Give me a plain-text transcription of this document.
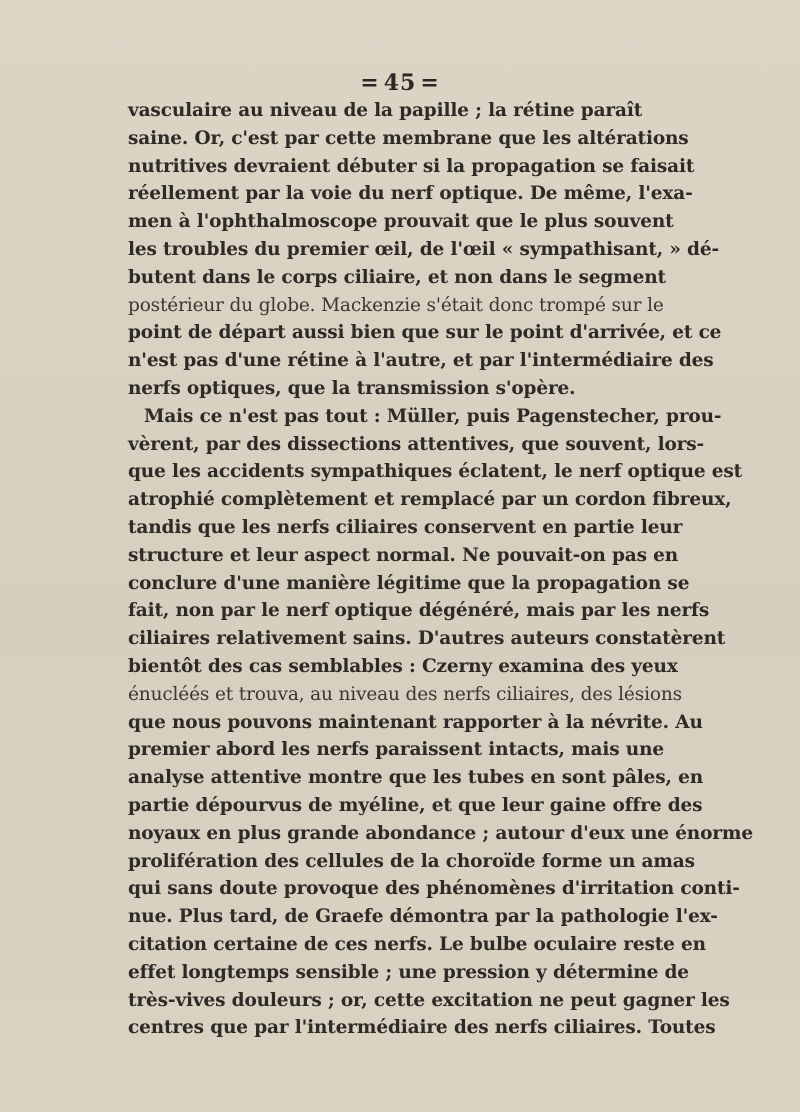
= 45 =
vasculaire au niveau de la papille ; la rétine paraît
saine. Or, c'est par cette membrane que les altérations
nutritives devraient débuter si la propagation se faisait
réellement par la voie du nerf optique. De même, l'exa-
men à l'ophthalmoscope prouvait que le plus souvent
les troubles du premier œil, de l'œil « sympathisant, » dé-
butent dans le corps ciliaire, et non dans le segment
postérieur du globe. Mackenzie s'était donc trompé sur le
point de départ aussi bien que sur le point d'arrivée, et ce
n'est pas d'une rétine à l'autre, et par l'intermédiaire des
nerfs optiques, que la transmission s'opère.
Mais ce n'est pas tout : Müller, puis Pagenstecher, prou-
vèrent, par des dissections attentives, que souvent, lors-
que les accidents sympathiques éclatent, le nerf optique est
atrophié complètement et remplacé par un cordon fibreux,
tandis que les nerfs ciliaires conservent en partie leur
structure et leur aspect normal. Ne pouvait-on pas en
conclure d'une manière légitime que la propagation se
fait, non par le nerf optique dégénéré, mais par les nerfs
ciliaires relativement sains. D'autres auteurs constatèrent
bientôt des cas semblables : Czerny examina des yeux
énucléés et trouva, au niveau des nerfs ciliaires, des lésions
que nous pouvons maintenant rapporter à la névrite. Au
premier abord les nerfs paraissent intacts, mais une
analyse attentive montre que les tubes en sont pâles, en
partie dépourvus de myéline, et que leur gaine offre des
noyaux en plus grande abondance ; autour d'eux une énorme
prolifération des cellules de la choroïde forme un amas
qui sans doute provoque des phénomènes d'irritation conti-
nue. Plus tard, de Graefe démontra par la pathologie l'ex-
citation certaine de ces nerfs. Le bulbe oculaire reste en
effet longtemps sensible ; une pression y détermine de
très-vives douleurs ; or, cette excitation ne peut gagner les
centres que par l'intermédiaire des nerfs ciliaires. Toutes
